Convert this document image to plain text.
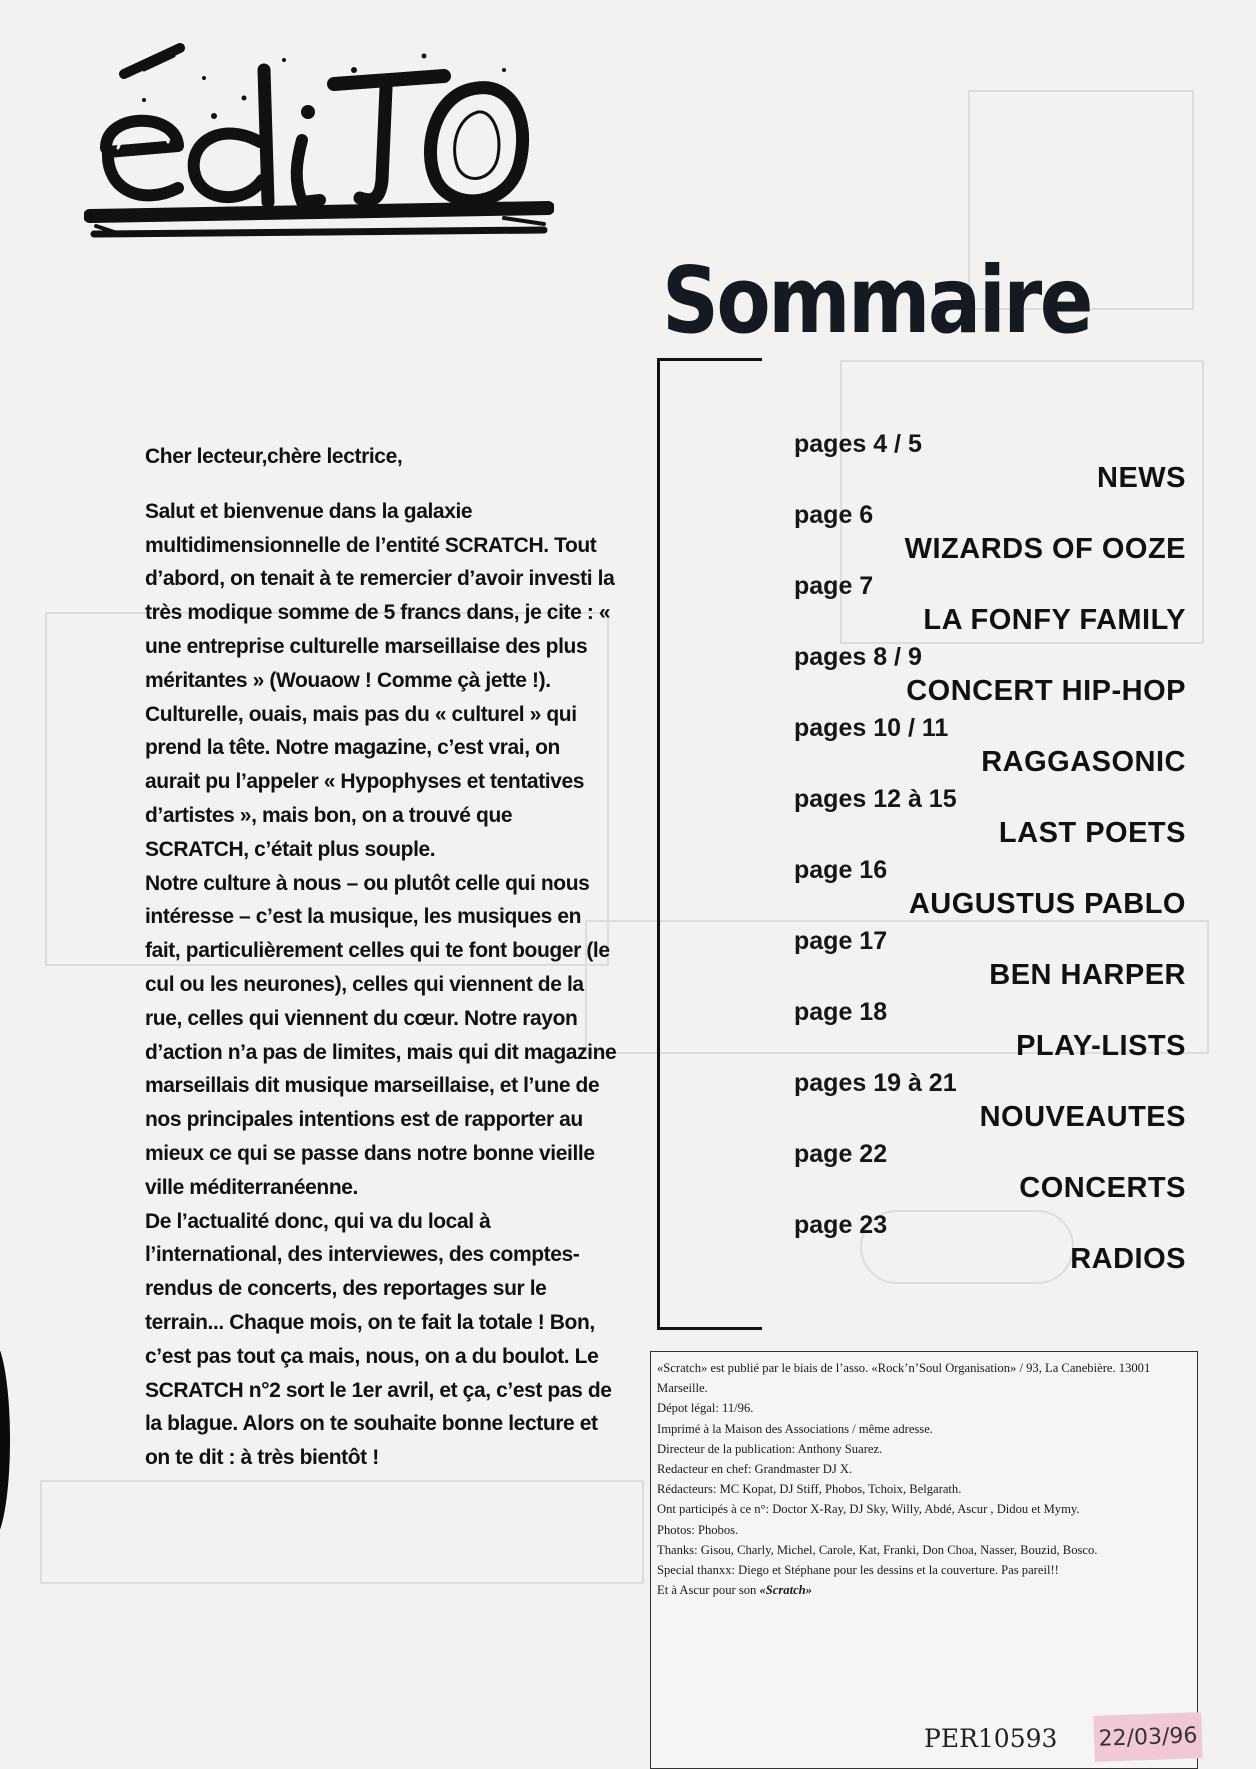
Sommaire
pages 4 / 5
NEWS
page 6
WIZARDS OF OOZE
page 7
LA FONFY FAMILY
pages 8 / 9
CONCERT HIP-HOP
pages 10 / 11
RAGGASONIC
pages 12 à 15
LAST POETS
page 16
AUGUSTUS PABLO
page 17
BEN HARPER
page 18
PLAY-LISTS
pages 19 à 21
NOUVEAUTES
page 22
CONCERTS
page 23
RADIOS

Cher lecteur,chère lectrice,

Salut et bienvenue dans la galaxie multidimensionnelle de l’entité SCRATCH. Tout d’abord, on tenait à te remercier d’avoir investi la très modique somme de 5 francs dans, je cite : « une entreprise culturelle marseillaise des plus méritantes » (Wouaow ! Comme çà jette !). Culturelle, ouais, mais pas du « culturel » qui prend la tête. Notre magazine, c’est vrai, on aurait pu l’appeler « Hypophyses et tentatives d’artistes », mais bon, on a trouvé que SCRATCH, c’était plus souple.

Notre culture à nous – ou plutôt celle qui nous intéresse – c’est la musique, les musiques en fait, particulièrement celles qui te font bouger (le cul ou les neurones), celles qui viennent de la rue, celles qui viennent du cœur. Notre rayon d’action n’a pas de limites, mais qui dit magazine marseillais dit musique marseillaise, et l’une de nos principales intentions est de rapporter au mieux ce qui se passe dans notre bonne vieille ville méditerranéenne.

De l’actualité donc, qui va du local à l’international, des interviewes, des comptes-rendus de concerts, des reportages sur le terrain... Chaque mois, on te fait la totale ! Bon, c’est pas tout ça mais, nous, on a du boulot. Le SCRATCH n°2 sort le 1er avril, et ça, c’est pas de la blague. Alors on te souhaite bonne lecture et on te dit : à très bientôt !

«Scratch» est publié par le biais de l’asso. «Rock’n’Soul Organisation» / 93, La Canebière. 13001 Marseille.

Dépot légal: 11/96.

Imprimé à la Maison des Associations / même adresse.

Directeur de la publication: Anthony Suarez.

Redacteur en chef: Grandmaster DJ X.

Rédacteurs: MC Kopat, DJ Stiff, Phobos, Tchoix, Belgarath.

Ont participés à ce n°: Doctor X-Ray, DJ Sky, Willy, Abdé, Ascur , Didou et Mymy.

Photos: Phobos.

Thanks: Gisou, Charly, Michel, Carole, Kat, Franki, Don Choa, Nasser, Bouzid, Bosco.

Special thanxx: Diego et Stéphane pour les dessins et la couverture. Pas pareil!!

Et à Ascur pour son «Scratch»

PER10593 22/03/96
